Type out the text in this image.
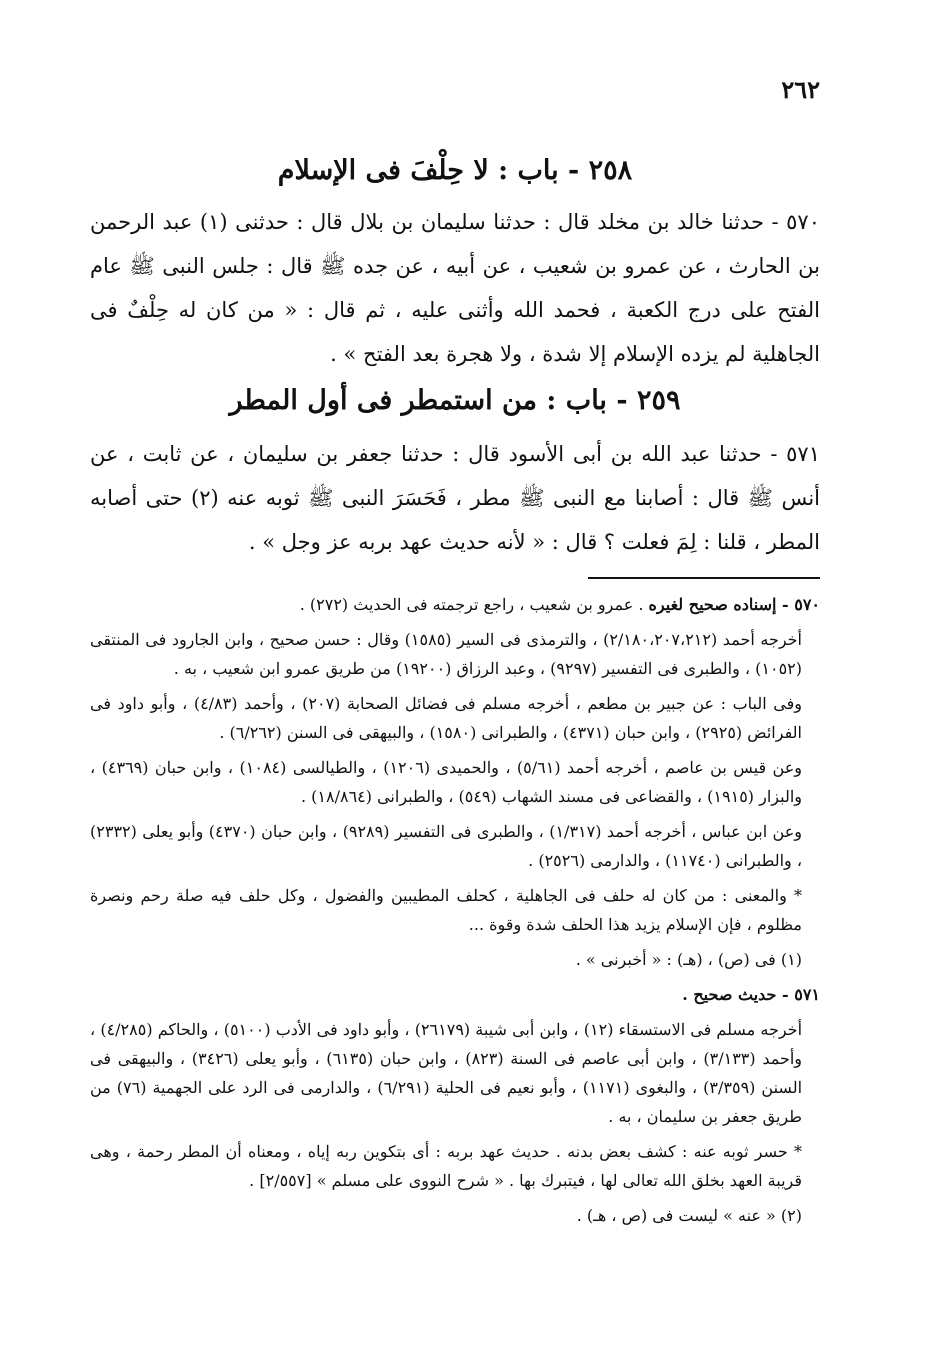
٢٦٢
٢٥٨ - باب : لا حِلْفَ فى الإسلام
٥٧٠ - حدثنا خالد بن مخلد قال : حدثنا سليمان بن بلال قال : حدثنى (١) عبد الرحمن بن الحارث ، عن عمرو بن شعيب ، عن أبيه ، عن جده ﷺ قال : جلس النبى ﷺ عام الفتح على درج الكعبة ، فحمد الله وأثنى عليه ، ثم قال : « من كان له حِلْفٌ فى الجاهلية لم يزده الإسلام إلا شدة ، ولا هجرة بعد الفتح » .
٢٥٩ - باب : من استمطر فى أول المطر
٥٧١ - حدثنا عبد الله بن أبى الأسود قال : حدثنا جعفر بن سليمان ، عن ثابت ، عن أنس ﷺ قال : أصابنا مع النبى ﷺ مطر ، فَحَسَرَ النبى ﷺ ثوبه عنه (٢) حتى أصابه المطر ، قلنا : لِمَ فعلت ؟ قال : « لأنه حديث عهد بربه عز وجل » .

٥٧٠ - إسناده صحيح لغيره . عمرو بن شعيب ، راجع ترجمته فى الحديث (٢٧٢) .

أخرجه أحمد (٢/١٨٠،٢٠٧،٢١٢) ، والترمذى فى السير (١٥٨٥) وقال : حسن صحيح ، وابن الجارود فى المنتقى (١٠٥٢) ، والطبرى فى التفسير (٩٢٩٧) ، وعبد الرزاق (١٩٢٠٠) من طريق عمرو ابن شعيب ، به .

وفى الباب : عن جبير بن مطعم ، أخرجه مسلم فى فضائل الصحابة (٢٠٧) ، وأحمد (٤/٨٣) ، وأبو داود فى الفرائض (٢٩٢٥) ، وابن حبان (٤٣٧١) ، والطبرانى (١٥٨٠) ، والبيهقى فى السنن (٦/٢٦٢) .

وعن قيس بن عاصم ، أخرجه أحمد (٥/٦١) ، والحميدى (١٢٠٦) ، والطيالسى (١٠٨٤) ، وابن حبان (٤٣٦٩) ، والبزار (١٩١٥) ، والقضاعى فى مسند الشهاب (٥٤٩) ، والطبرانى (١٨/٨٦٤) .

وعن ابن عباس ، أخرجه أحمد (١/٣١٧) ، والطبرى فى التفسير (٩٢٨٩) ، وابن حبان (٤٣٧٠) وأبو يعلى (٢٣٣٢) ، والطبرانى (١١٧٤٠) ، والدارمى (٢٥٢٦) .

* والمعنى : من كان له حلف فى الجاهلية ، كحلف المطيبين والفضول ، وكل حلف فيه صلة رحم ونصرة مظلوم ، فإن الإسلام يزيد هذا الحلف شدة وقوة ...

(١) فى (ص) ، (هـ) : « أخبرنى » .

٥٧١ - حديث صحيح .

أخرجه مسلم فى الاستسقاء (١٢) ، وابن أبى شيبة (٢٦١٧٩) ، وأبو داود فى الأدب (٥١٠٠) ، والحاكم (٤/٢٨٥) ، وأحمد (٣/١٣٣) ، وابن أبى عاصم فى السنة (٨٢٣) ، وابن حبان (٦١٣٥) ، وأبو يعلى (٣٤٢٦) ، والبيهقى فى السنن (٣/٣٥٩) ، والبغوى (١١٧١) ، وأبو نعيم فى الحلية (٦/٢٩١) ، والدارمى فى الرد على الجهمية (٧٦) من طريق جعفر بن سليمان ، به .

* حسر ثوبه عنه : كشف بعض بدنه . حديث عهد بربه : أى بتكوين ربه إياه ، ومعناه أن المطر رحمة ، وهى قريبة العهد بخلق الله تعالى لها ، فيتبرك بها . « شرح النووى على مسلم » [٢/٥٥٧] .

(٢) « عنه » ليست فى (ص ، هـ) .
